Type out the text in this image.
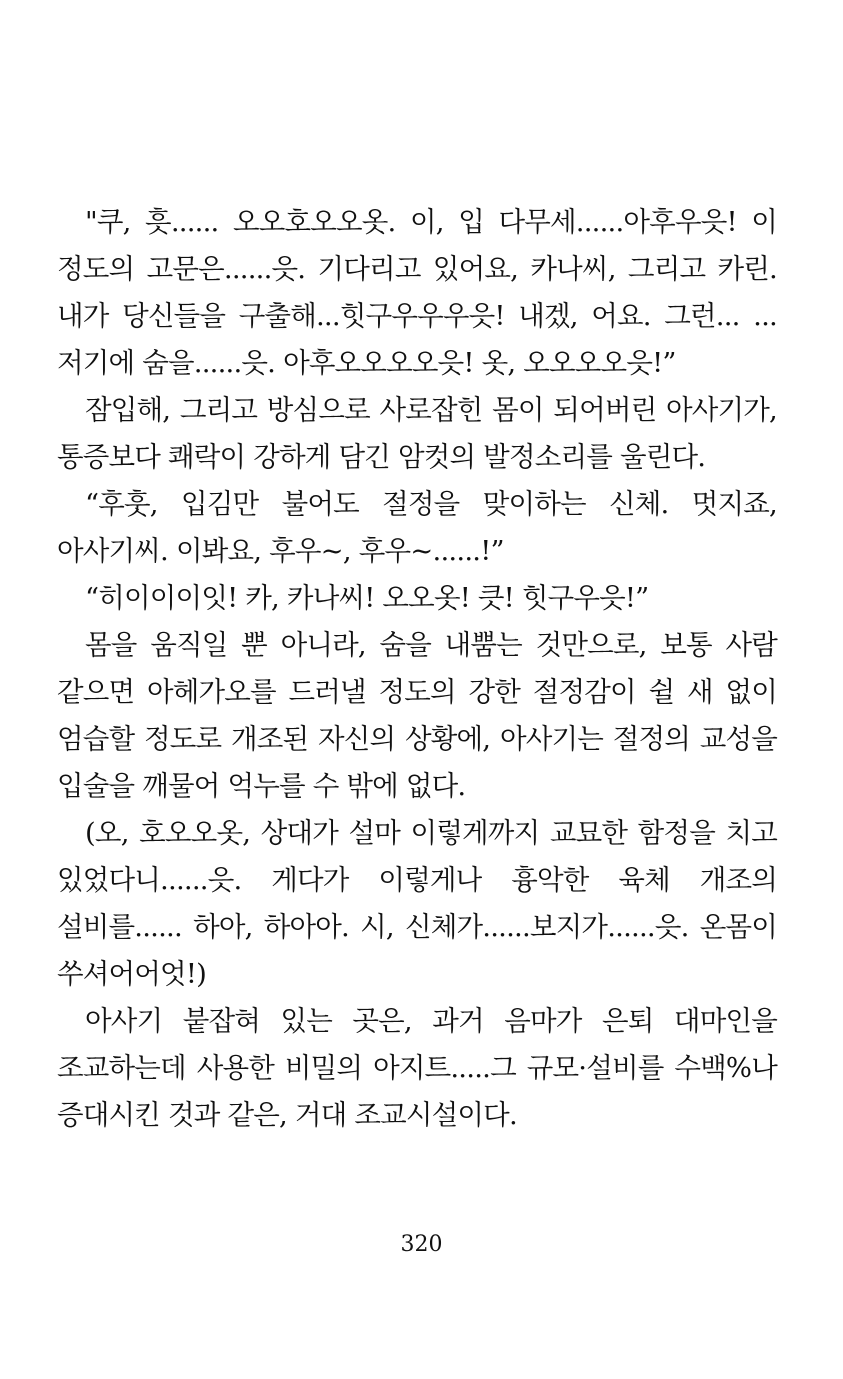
"쿠, 흣...... 오오호오오옷. 이, 입 다무세......아후우읏! 이 정도의 고문은......읏. 기다리고 있어요, 카나씨, 그리고 카린. 내가 당신들을 구출해...힛구우우우읏! 내겠, 어요. 그런... ...저기에 숨을......읏. 아후오오오오읏! 옷, 오오오오읏!”

잠입해, 그리고 방심으로 사로잡힌 몸이 되어버린 아사기가, 통증보다 쾌락이 강하게 담긴 암컷의 발정소리를 울린다.

“후훗, 입김만 불어도 절정을 맞이하는 신체. 멋지죠, 아사기씨. 이봐요, 후우~, 후우~......!”

“히이이이잇! 카, 카나씨! 오오옷! 큿! 힛구우읏!”

몸을 움직일 뿐 아니라, 숨을 내뿜는 것만으로, 보통 사람 같으면 아헤가오를 드러낼 정도의 강한 절정감이 쉴 새 없이 엄습할 정도로 개조된 자신의 상황에, 아사기는 절정의 교성을 입술을 깨물어 억누를 수 밖에 없다.

(오, 호오오옷, 상대가 설마 이렇게까지 교묘한 함정을 치고 있었다니......읏. 게다가 이렇게나 흉악한 육체 개조의 설비를...... 하아, 하아아. 시, 신체가......보지가......읏. 온몸이 쑤셔어어엇!)

아사기 붙잡혀 있는 곳은, 과거 음마가 은퇴 대마인을 조교하는데 사용한 비밀의 아지트.....그 규모·설비를 수백%나 증대시킨 것과 같은, 거대 조교시설이다.

320
